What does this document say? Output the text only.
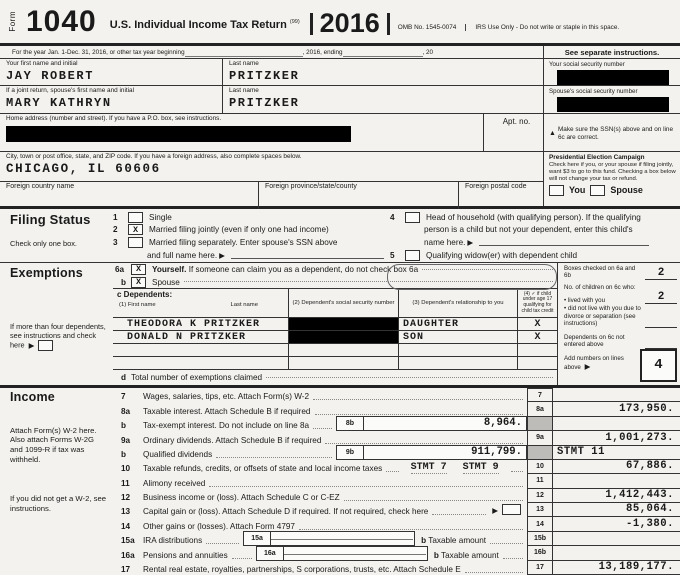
Form 1040 U.S. Individual Income Tax Return $^{(99)}$ 2016	OMB No. 1545-0074	IRS Use Only - Do not write or staple in this space.
For the year Jan. 1-Dec. 31, 2016, or other tax year beginning	, 2016, ending	, 20	See separate instructions.
Your first name and initial
JAY ROBERT
Last name
PRITZKER
If a joint return, spouse's first name and initial
MARY KATHRYN
Last name
PRITZKER
Home address (number and street). If you have a P.O. box, see instructions.	Apt. no.
City, town or post office, state, and ZIP code. If you have a foreign address, also complete spaces below.
CHICAGO, IL 60606
Foreign country name	Foreign province/state/county	Foreign postal code
Your social security number
Spouse's social security number
▲
Make sure the SSN(s) above and on line 6c are correct.
Presidential Election Campaign
Check here if you, or your spouse if filing jointly, want $3 to go to this fund. Checking a box below will not change your tax or refund.
You	Spouse
Filing Status
Check only one box.
1	Single
2	X	Married filing jointly (even if only one had income)
3	Married filing separately. Enter spouse's SSN above
and full name here. ▶
4	Head of household (with qualifying person). If the qualifying
person is a child but not your dependent, enter this child's
name here. ▶
5	Qualifying widow(er) with dependent child
Exemptions
If more than four dependents, see instructions and check here ▶
6a	X	Yourself. If someone can claim you as a dependent, do not check box 6a
b	X	Spouse
c Dependents:
(1) First name	Last name	(2) Dependent's social security number	(3) Dependent's relationship to you
(4) ✓ if child under age 17 qualifying for child tax credit
THEODORA K PRITZKER	DAUGHTER	X
DONALD N PRITZKER	SON	X
d Total number of exemptions claimed
Boxes checked on 6a and 6b	2
No. of children on 6c who:
• lived with you	2
• did not live with you due to divorce or separation (see instructions)
Dependents on 6c not entered above
Add numbers on lines above ▶	4
Income
Attach Form(s) W-2 here. Also attach Forms W-2G and 1099-R if tax was withheld.
If you did not get a W-2, see instructions.
7	Wages, salaries, tips, etc. Attach Form(s) W-2	7
8a	Taxable interest. Attach Schedule B if required	8a	173,950.
b	Tax-exempt interest. Do not include on line 8a	8b	8,964.
9a	Ordinary dividends. Attach Schedule B if required	9a	1,001,273.
b	Qualified dividends	9b	911,799.	STMT 11
10	Taxable refunds, credits, or offsets of state and local income taxes	STMT 7 STMT 9	10	67,886.
11	Alimony received	11
12	Business income or (loss). Attach Schedule C or C-EZ	12	1,412,443.
13	Capital gain or (loss). Attach Schedule D if required. If not required, check here	▶	13	85,064.
14	Other gains or (losses). Attach Form 4797	14	-1,380.
15a	IRA distributions	15a	b Taxable amount	15b
16a	Pensions and annuities	16a	b Taxable amount	16b
17	Rental real estate, royalties, partnerships, S corporations, trusts, etc. Attach Schedule E	17	13,189,177.
